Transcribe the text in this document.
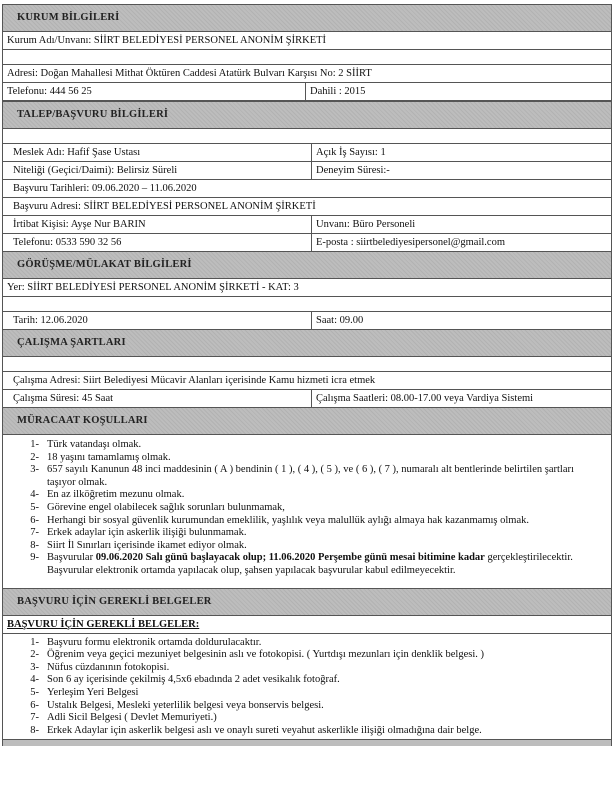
KURUM BİLGİLERİ
Kurum Adı/Unvanı: SİİRT BELEDİYESİ PERSONEL ANONİM ŞİRKETİ
Adresi: Doğan Mahallesi Mithat Öktüren Caddesi Atatürk Bulvarı Karşısı No: 2 SİİRT
Telefonu: 444 56 25	Dahili : 2015
TALEP/BAŞVURU BİLGİLERİ
Meslek Adı: Hafif Şase Ustası	Açık İş Sayısı: 1
Niteliği (Geçici/Daimi): Belirsiz Süreli	Deneyim Süresi:-
Başvuru Tarihleri: 09.06.2020 – 11.06.2020
Başvuru Adresi: SİİRT BELEDİYESİ PERSONEL ANONİM ŞİRKETİ
İrtibat Kişisi: Ayşe Nur BARIN	Unvanı: Büro Personeli
Telefonu: 0533 590 32 56	E-posta : siirtbelediyesipersonel@gmail.com
GÖRÜŞME/MÜLAKAT BİLGİLERİ
Yer: SİİRT BELEDİYESİ PERSONEL ANONİM ŞİRKETİ - KAT: 3
Tarih: 12.06.2020	Saat: 09.00
ÇALIŞMA ŞARTLARI
Çalışma Adresi: Siirt Belediyesi Mücavir Alanları içerisinde Kamu hizmeti icra etmek
Çalışma Süresi: 45 Saat	Çalışma Saatleri: 08.00-17.00 veya Vardiya Sistemi
MÜRACAAT KOŞULLARI
1- Türk vatandaşı olmak.
2- 18 yaşını tamamlamış olmak.
3- 657 sayılı Kanunun 48 inci maddesinin ( A ) bendinin ( 1 ), ( 4 ), ( 5 ), ve ( 6 ), ( 7 ), numaralı alt bentlerinde belirtilen şartları taşıyor olmak.
4- En az ilköğretim mezunu olmak.
5- Görevine engel olabilecek sağlık sorunları bulunmamak,
6- Herhangi bir sosyal güvenlik kurumundan emeklilik, yaşlılık veya malullük aylığı almaya hak kazanmamış olmak.
7- Erkek adaylar için askerlik ilişiği bulunmamak.
8- Siirt İl Sınırları içerisinde ikamet ediyor olmak.
9- Başvurular 09.06.2020 Salı günü başlayacak olup; 11.06.2020 Perşembe günü mesai bitimine kadar gerçekleştirilecektir. Başvurular elektronik ortamda yapılacak olup, şahsen yapılacak başvurular kabul edilmeyecektir.
BAŞVURU İÇİN GEREKLİ BELGELER
BAŞVURU İÇİN GEREKLİ BELGELER:
1- Başvuru formu elektronik ortamda doldurulacaktır.
2- Öğrenim veya geçici mezuniyet belgesinin aslı ve fotokopisi. ( Yurtdışı mezunları için denklik belgesi. )
3- Nüfus cüzdanının fotokopisi.
4- Son 6 ay içerisinde çekilmiş 4,5x6 ebadında 2 adet vesikalık fotoğraf.
5- Yerleşim Yeri Belgesi
6- Ustalık Belgesi, Mesleki yeterlilik belgesi veya bonservis belgesi.
7- Adli Sicil Belgesi ( Devlet Memuriyeti.)
8- Erkek Adaylar için askerlik belgesi aslı ve onaylı sureti veyahut askerlikle ilişiği olmadığına dair belge.
